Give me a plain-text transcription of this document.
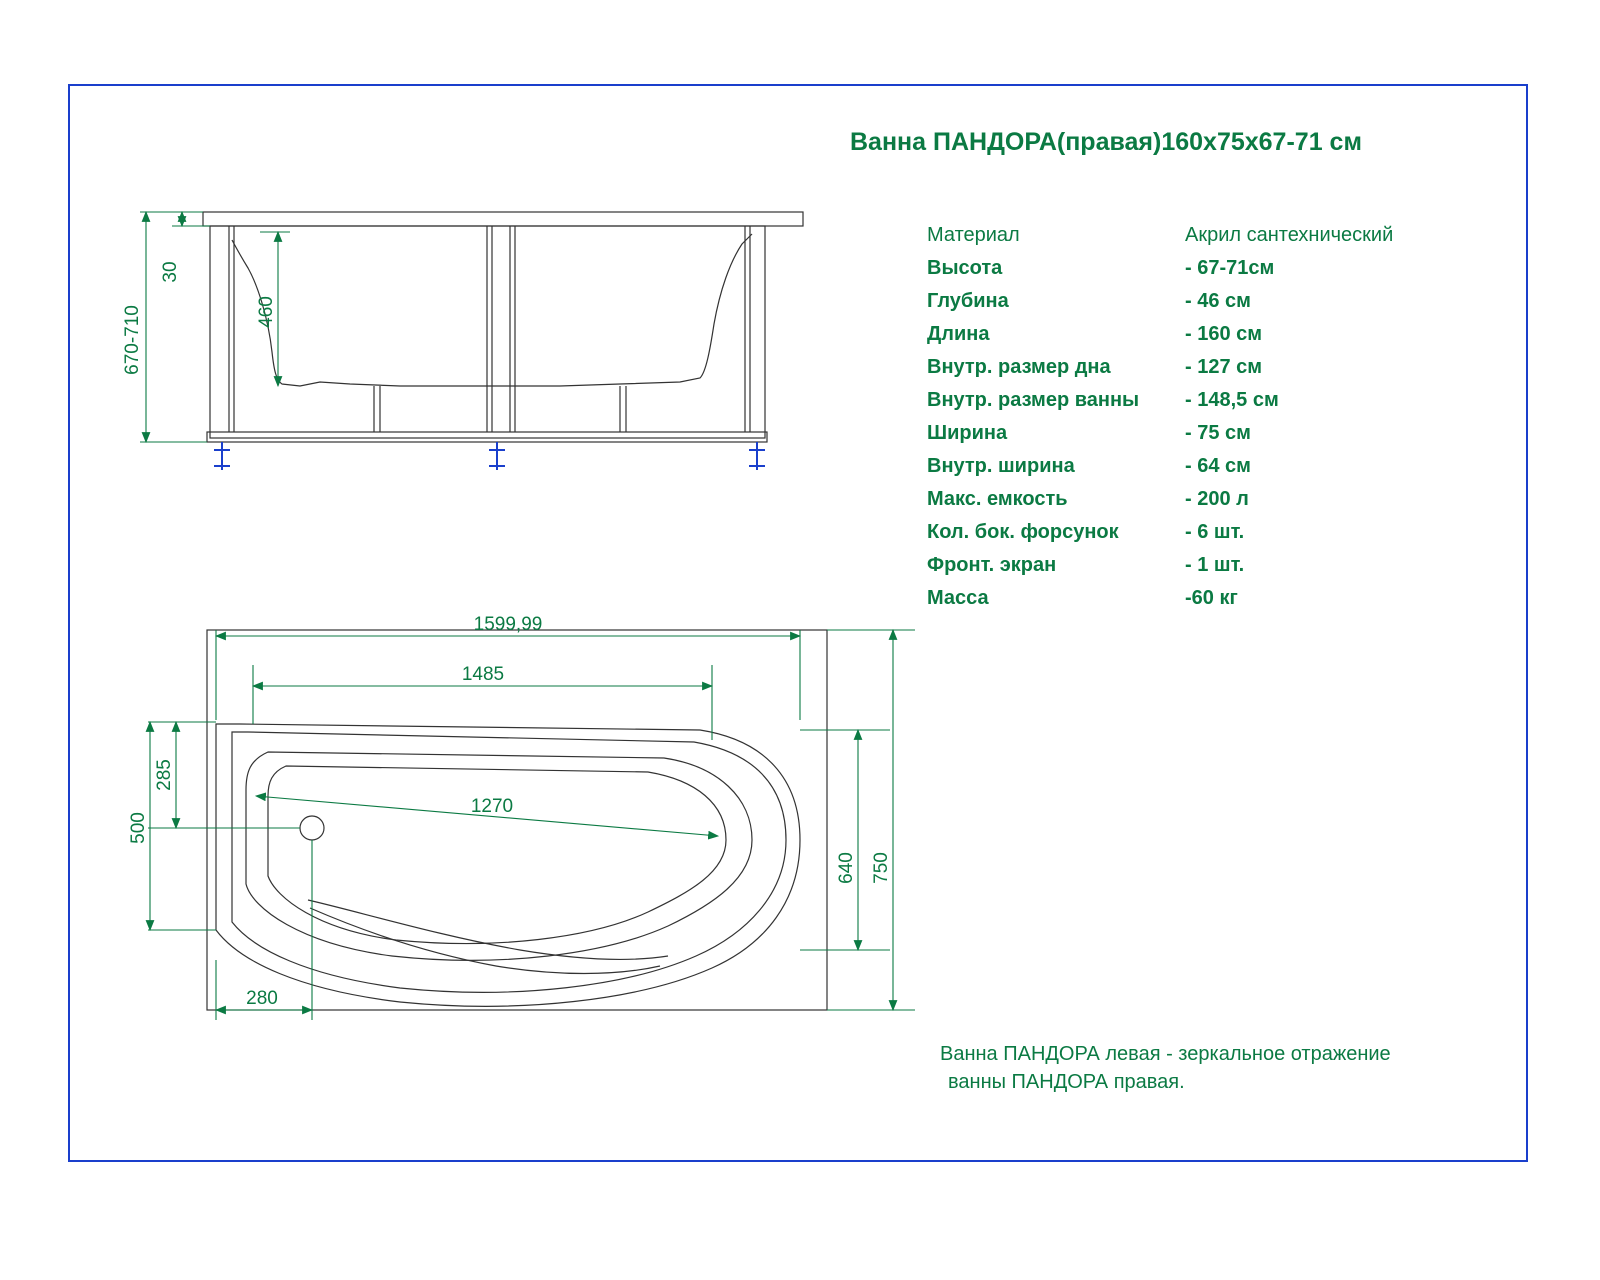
Ванна ПАНДОРА(правая)160х75х67-71 см
Материал	Акрил сантехнический
Высота	- 67-71см
Глубина	- 46 см
Длина	- 160 см
Внутр. размер дна	- 127 см
Внутр. размер ванны	- 148,5 см
Ширина	- 75 см
Внутр. ширина	- 64 см
Макс. емкость	- 200 л
Кол. бок. форсунок	- 6 шт.
Фронт. экран	- 1 шт.
Масса	-60 кг
Ванна ПАНДОРА левая - зеркальное отражение
ванны ПАНДОРА правая.
670-710
30
460
1599,99
1485
1270
285
500
280
640 750
